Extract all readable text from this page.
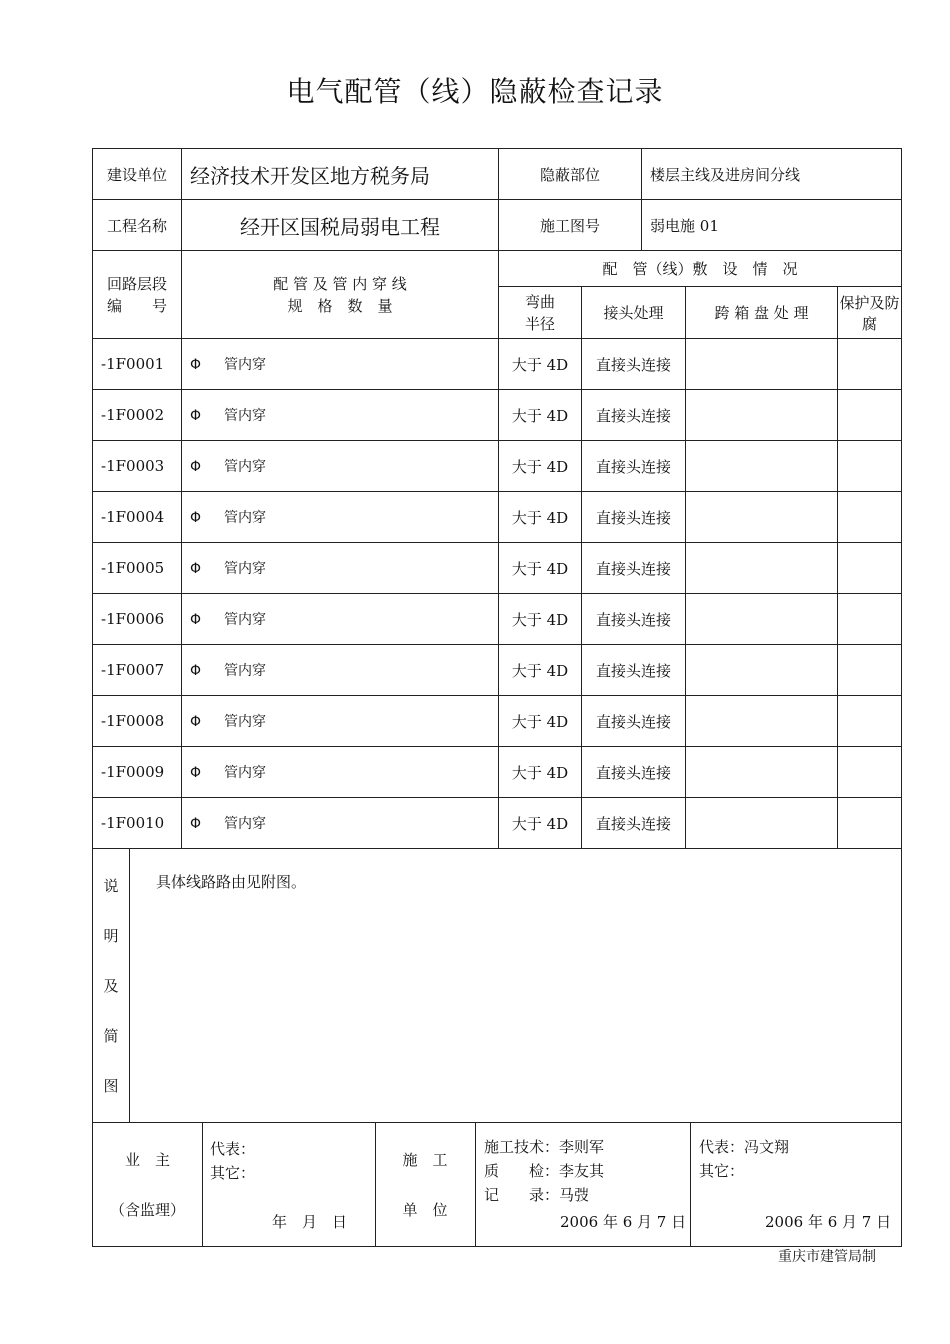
电气配管（线）隐蔽检查记录
建设单位	经济技术开发区地方税务局	隐蔽部位	楼层主线及进房间分线
工程名称	经开区国税局弱电工程	施工图号	弱电施 01

回路层段
编　　号

配 管 及 管 内 穿 线
规　格　数　量
	配　管（线）敷　设　情　况

弯曲
半径
	接头处理	跨 箱 盘 处 理	保护及防腐
-1F0001	Φ 管内穿	大于 4D	直接头连接		
-1F0002	Φ 管内穿	大于 4D	直接头连接		
-1F0003	Φ 管内穿	大于 4D	直接头连接		
-1F0004	Φ 管内穿	大于 4D	直接头连接		
-1F0005	Φ 管内穿	大于 4D	直接头连接		
-1F0006	Φ 管内穿	大于 4D	直接头连接		
-1F0007	Φ 管内穿	大于 4D	直接头连接		
-1F0008	Φ 管内穿	大于 4D	直接头连接		
-1F0009	Φ 管内穿	大于 4D	直接头连接		
-1F0010	Φ 管内穿	大于 4D	直接头连接		

说
明
及
简
图
	具体线路路由见附图。

业　主
（含监理）
代表：
其它：
年　月　日
施　工
单　位
施工技术：李则军
质　　检：李友其
记　　录：马弢
2006 年 6 月 7 日
代表：冯文翔
其它：
2006 年 6 月 7 日
重庆市建管局制
